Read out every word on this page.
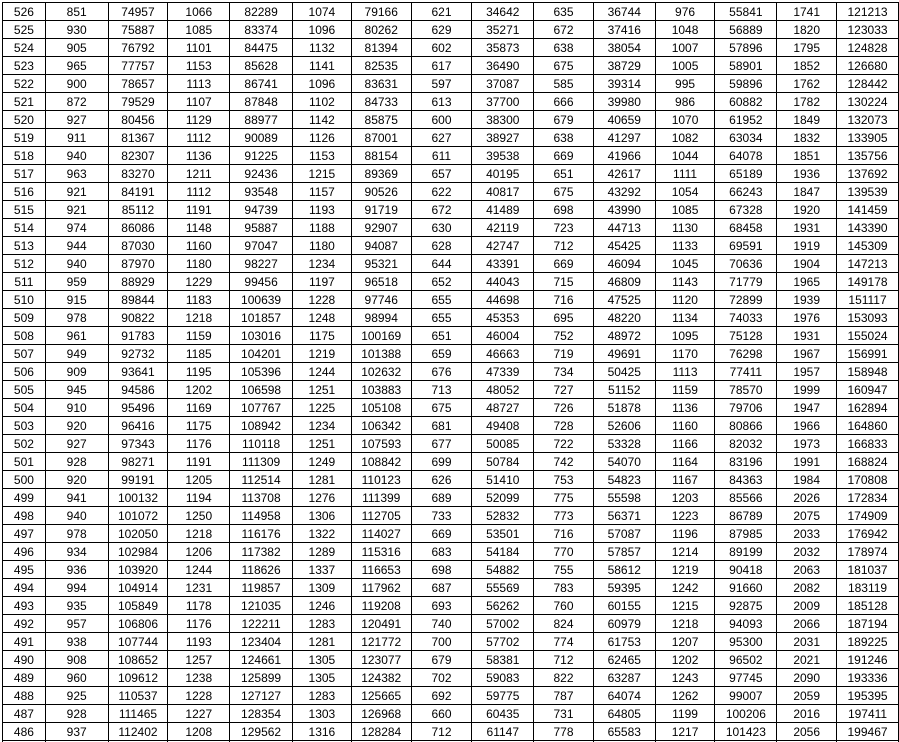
526	851	74957	1066	82289	1074	79166	621	34642	635	36744	976	55841	1741	121213
525	930	75887	1085	83374	1096	80262	629	35271	672	37416	1048	56889	1820	123033
524	905	76792	1101	84475	1132	81394	602	35873	638	38054	1007	57896	1795	124828
523	965	77757	1153	85628	1141	82535	617	36490	675	38729	1005	58901	1852	126680
522	900	78657	1113	86741	1096	83631	597	37087	585	39314	995	59896	1762	128442
521	872	79529	1107	87848	1102	84733	613	37700	666	39980	986	60882	1782	130224
520	927	80456	1129	88977	1142	85875	600	38300	679	40659	1070	61952	1849	132073
519	911	81367	1112	90089	1126	87001	627	38927	638	41297	1082	63034	1832	133905
518	940	82307	1136	91225	1153	88154	611	39538	669	41966	1044	64078	1851	135756
517	963	83270	1211	92436	1215	89369	657	40195	651	42617	1111	65189	1936	137692
516	921	84191	1112	93548	1157	90526	622	40817	675	43292	1054	66243	1847	139539
515	921	85112	1191	94739	1193	91719	672	41489	698	43990	1085	67328	1920	141459
514	974	86086	1148	95887	1188	92907	630	42119	723	44713	1130	68458	1931	143390
513	944	87030	1160	97047	1180	94087	628	42747	712	45425	1133	69591	1919	145309
512	940	87970	1180	98227	1234	95321	644	43391	669	46094	1045	70636	1904	147213
511	959	88929	1229	99456	1197	96518	652	44043	715	46809	1143	71779	1965	149178
510	915	89844	1183	100639	1228	97746	655	44698	716	47525	1120	72899	1939	151117
509	978	90822	1218	101857	1248	98994	655	45353	695	48220	1134	74033	1976	153093
508	961	91783	1159	103016	1175	100169	651	46004	752	48972	1095	75128	1931	155024
507	949	92732	1185	104201	1219	101388	659	46663	719	49691	1170	76298	1967	156991
506	909	93641	1195	105396	1244	102632	676	47339	734	50425	1113	77411	1957	158948
505	945	94586	1202	106598	1251	103883	713	48052	727	51152	1159	78570	1999	160947
504	910	95496	1169	107767	1225	105108	675	48727	726	51878	1136	79706	1947	162894
503	920	96416	1175	108942	1234	106342	681	49408	728	52606	1160	80866	1966	164860
502	927	97343	1176	110118	1251	107593	677	50085	722	53328	1166	82032	1973	166833
501	928	98271	1191	111309	1249	108842	699	50784	742	54070	1164	83196	1991	168824
500	920	99191	1205	112514	1281	110123	626	51410	753	54823	1167	84363	1984	170808
499	941	100132	1194	113708	1276	111399	689	52099	775	55598	1203	85566	2026	172834
498	940	101072	1250	114958	1306	112705	733	52832	773	56371	1223	86789	2075	174909
497	978	102050	1218	116176	1322	114027	669	53501	716	57087	1196	87985	2033	176942
496	934	102984	1206	117382	1289	115316	683	54184	770	57857	1214	89199	2032	178974
495	936	103920	1244	118626	1337	116653	698	54882	755	58612	1219	90418	2063	181037
494	994	104914	1231	119857	1309	117962	687	55569	783	59395	1242	91660	2082	183119
493	935	105849	1178	121035	1246	119208	693	56262	760	60155	1215	92875	2009	185128
492	957	106806	1176	122211	1283	120491	740	57002	824	60979	1218	94093	2066	187194
491	938	107744	1193	123404	1281	121772	700	57702	774	61753	1207	95300	2031	189225
490	908	108652	1257	124661	1305	123077	679	58381	712	62465	1202	96502	2021	191246
489	960	109612	1238	125899	1305	124382	702	59083	822	63287	1243	97745	2090	193336
488	925	110537	1228	127127	1283	125665	692	59775	787	64074	1262	99007	2059	195395
487	928	111465	1227	128354	1303	126968	660	60435	731	64805	1199	100206	2016	197411
486	937	112402	1208	129562	1316	128284	712	61147	778	65583	1217	101423	2056	199467
